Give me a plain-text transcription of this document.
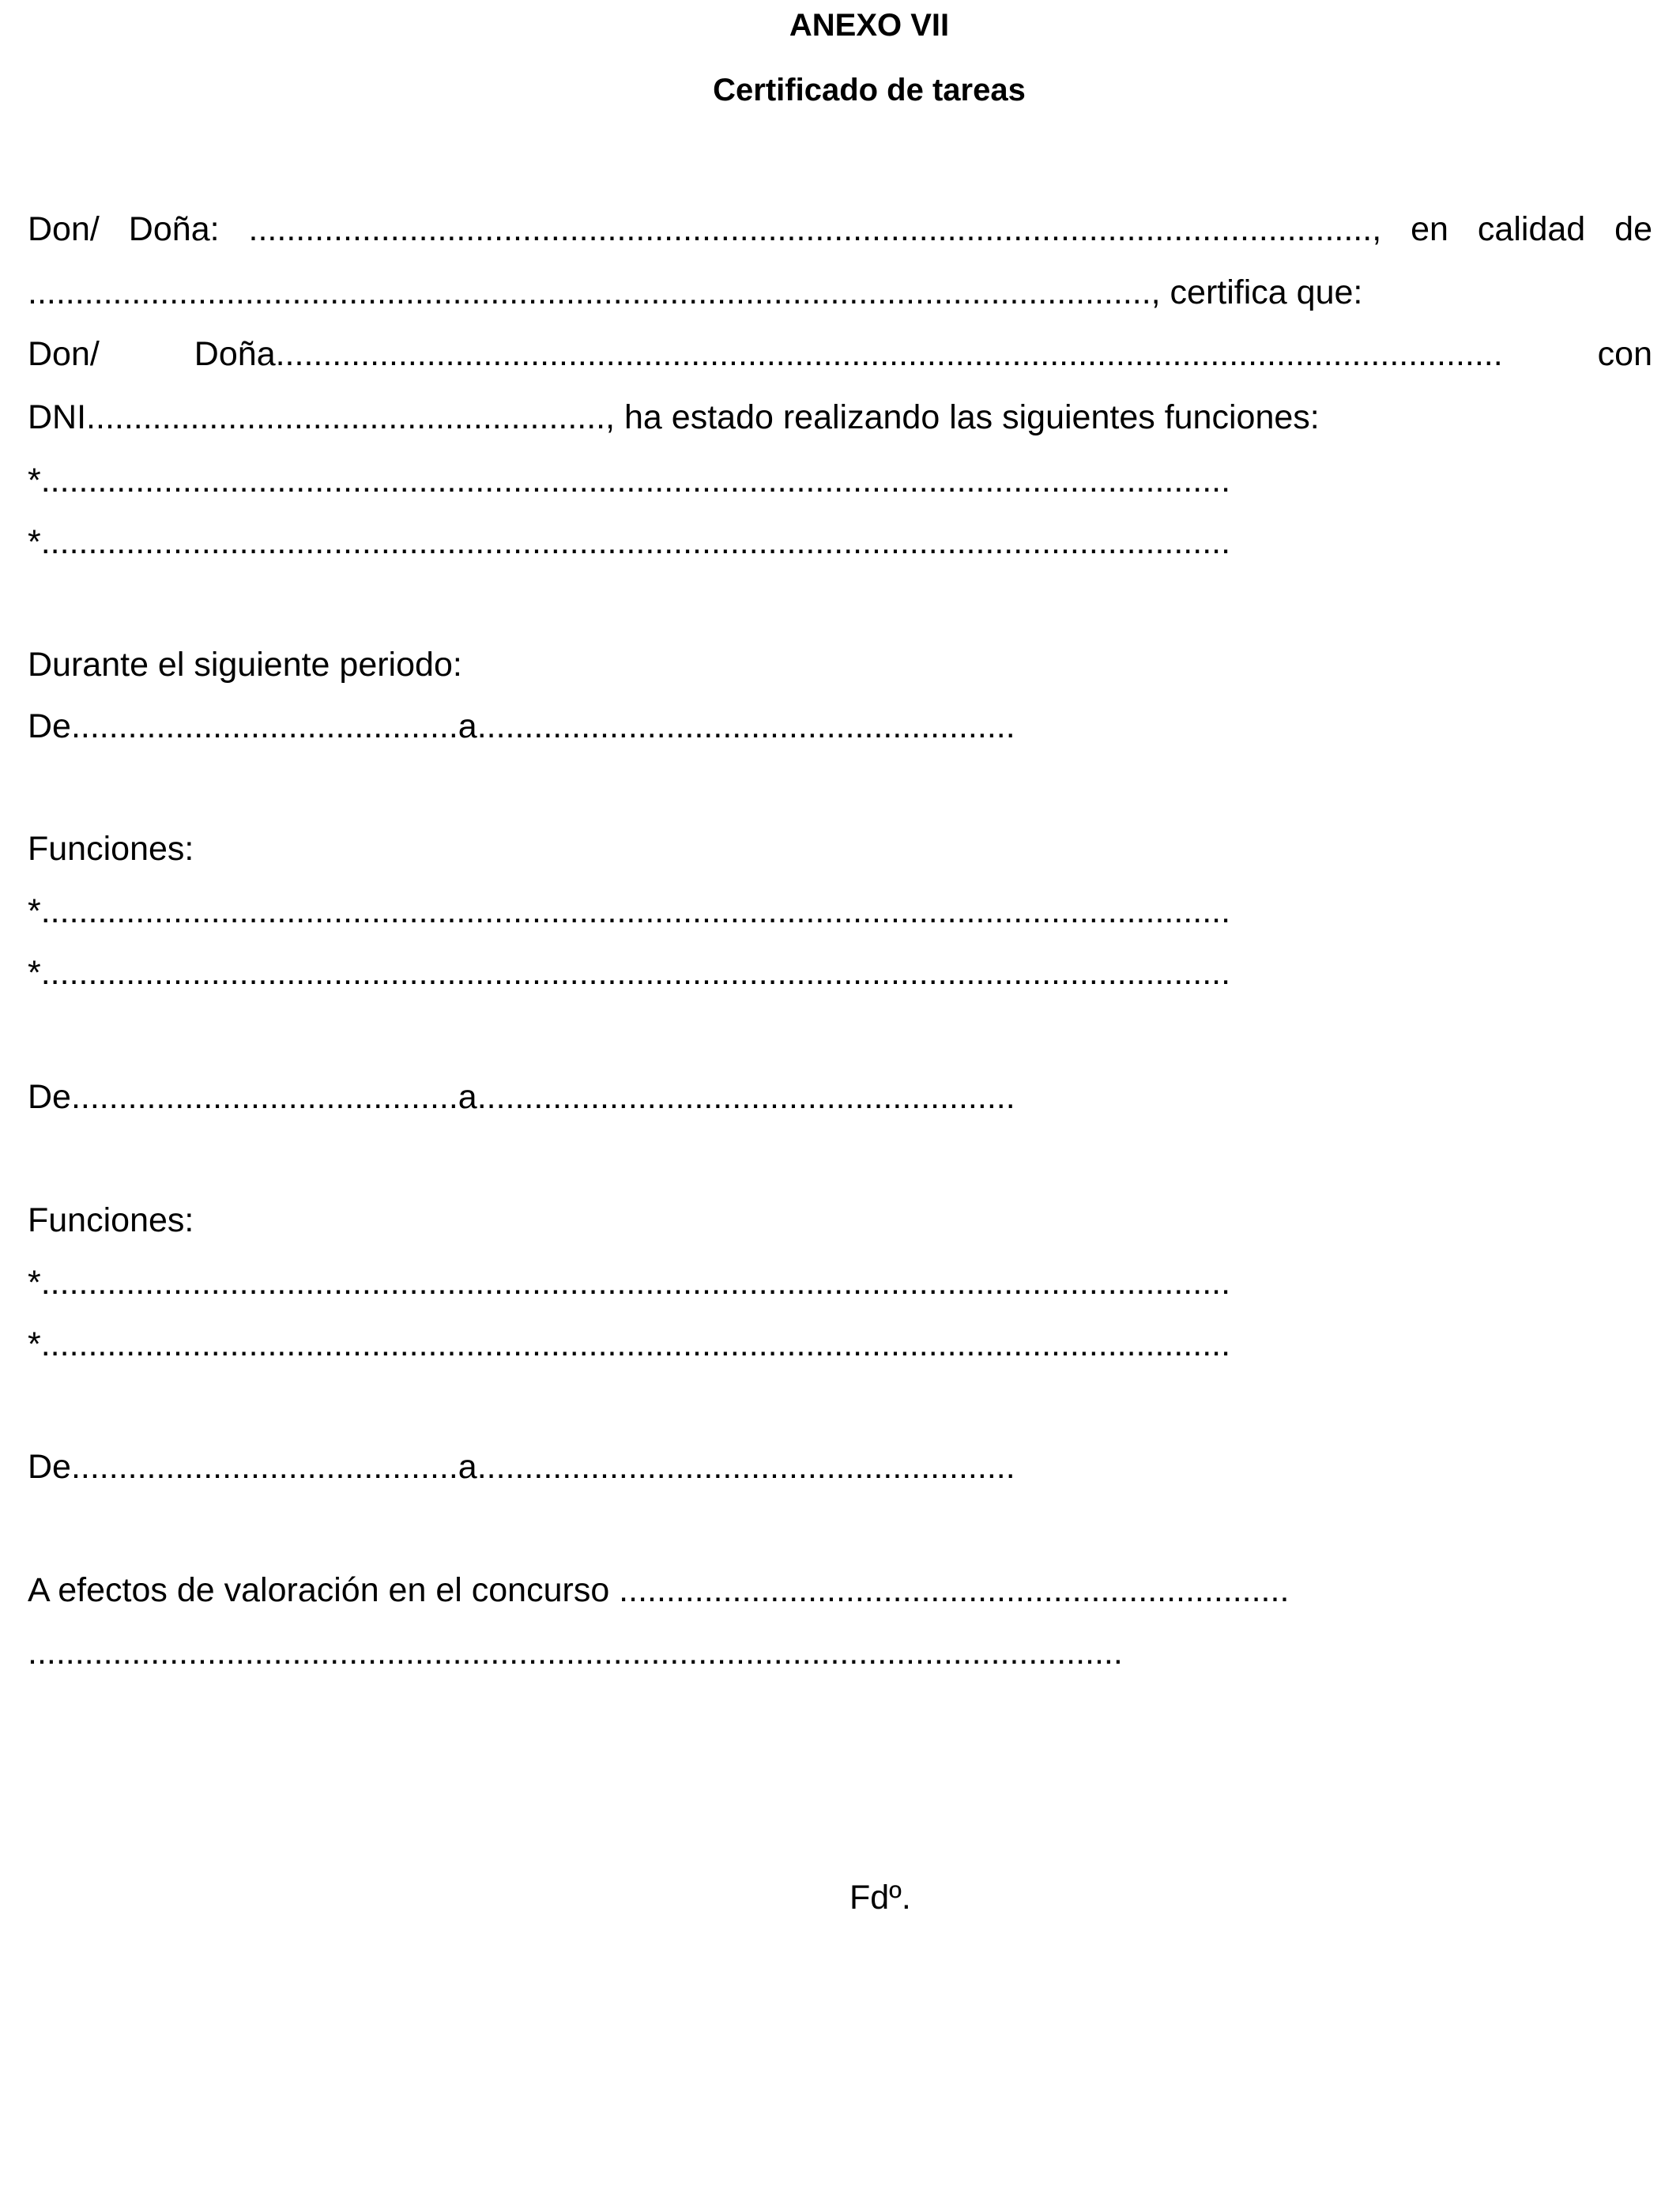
ANEXO VII
Certificado de tareas
Don/ Doña: ......................................................................................................................., en calidad de
......................................................................................................................., certifica que:
Don/ Doña.................................................................................................................................. con
DNI......................................................., ha estado realizando las siguientes funciones:
*..............................................................................................................................
*..............................................................................................................................
Durante el siguiente periodo:
De.........................................a.........................................................
Funciones:
*..............................................................................................................................
*..............................................................................................................................
De.........................................a.........................................................
Funciones:
*..............................................................................................................................
*..............................................................................................................................
De.........................................a.........................................................
A efectos de valoración en el concurso .......................................................................
....................................................................................................................
Fdº.
